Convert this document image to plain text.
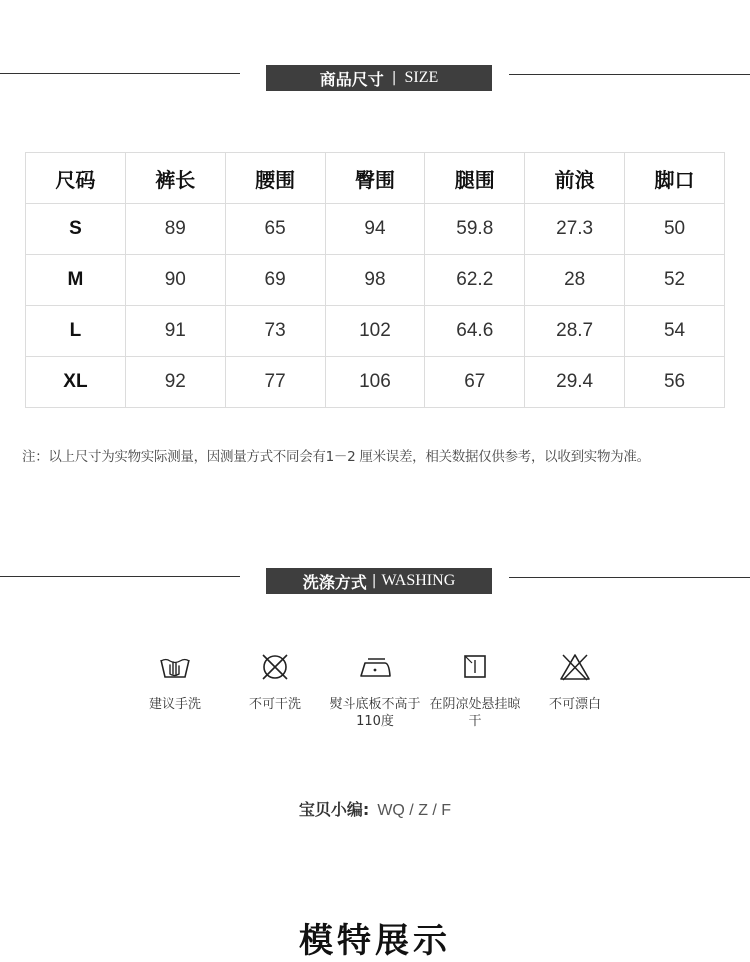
商品尺寸 | SIZE
尺码	裤长	腰围	臀围	腿围	前浪	脚口
S	89	65	94	59.8	27.3	50
M	90	69	98	62.2	28	52
L	91	73	102	64.6	28.7	54
XL	92	77	106	67	29.4	56
注：以上尺寸为实物实际测量，因测量方式不同会有1－2 厘米误差，相关数据仅供参考，以收到实物为准。
洗涤方式 | WASHING
建议手洗	不可干洗	熨斗底板不高于110度
在阴凉处悬挂晾干
不可漂白
宝贝小编: WQ / Z / F
模特展示
